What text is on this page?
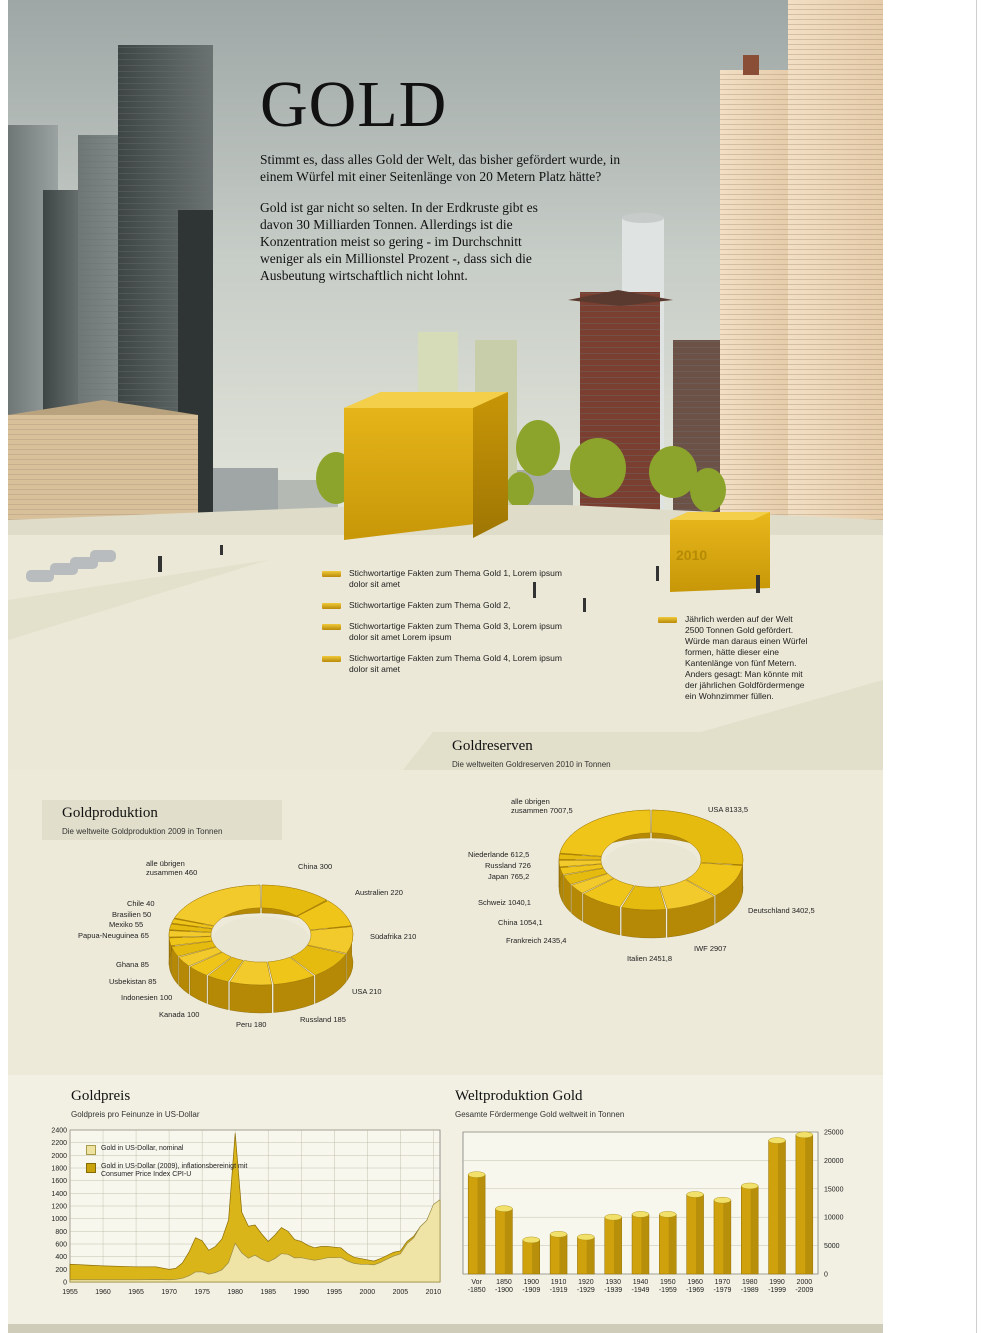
2010
GOLD

Stimmt es, dass alles Gold der Welt, das bisher gefördert wurde, in einem Würfel mit einer Seitenlänge von 20 Metern Platz hätte?

Gold ist gar nicht so selten. In der Erdkruste gibt es davon 30 Milliarden Tonnen. Allerdings ist die Konzentration meist so gering - im Durchschnitt weniger als ein Millionstel Prozent -, dass sich die Ausbeutung wirtschaftlich nicht lohnt.

Stichwortartige Fakten zum Thema Gold 1, Lorem ipsum dolor sit amet
Stichwortartige Fakten zum Thema Gold 2,
Stichwortartige Fakten zum Thema Gold 3, Lorem ipsum dolor sit amet Lorem ipsum
Stichwortartige Fakten zum Thema Gold 4, Lorem ipsum dolor sit amet
Jährlich werden auf der Welt 2500 Tonnen Gold gefördert. Würde man daraus einen Würfel formen, hätte dieser eine Kantenlänge von fünf Metern. Anders gesagt: Man könnte mit der jährlichen Goldfördermenge ein Wohnzimmer füllen.
Goldreserven
Die weltweiten Goldreserven 2010 in Tonnen
Goldproduktion
Die weltweite Goldproduktion 2009 in Tonnen
USA 8133,5
Deutschland 3402,5
IWF 2907
Italien 2451,8
Frankreich 2435,4
China 1054,1
Schweiz 1040,1
Japan 765,2
Russland 726
Niederlande 612,5
alle übrigen zusammen 7007,5
China 300
Australien 220
Südafrika 210
USA 210
Russland 185
Peru 180
Kanada 100
Indonesien 100
Usbekistan 85
Ghana 85
Papua-Neuguinea 65
Mexiko 55
Brasilien 50
Chile 40
alle übrigen zusammen 460
Goldpreis
Goldpreis pro Feinunze in US-Dollar
Weltproduktion Gold
Gesamte Fördermenge Gold weltweit in Tonnen
0
200
400
600
800
1000
1200
1400
1600
1800
2000
2200
2400
1955 1960 1965 1970 1975 1980 1985 1990 1995 2000 2005 2010
Gold in US-Dollar, nominal
Gold in US-Dollar (2009), inflationsbereinigt mit Consumer Price Index CPI-U
0
5000
10000
15000
20000
25000
Vor -1850
1850 -1900
1900 -1909
1910 -1919
1920 -1929
1930 -1939
1940 -1949
1950 -1959
1960 -1969
1970 -1979
1980 -1989
1990 -1999
2000 -2009
